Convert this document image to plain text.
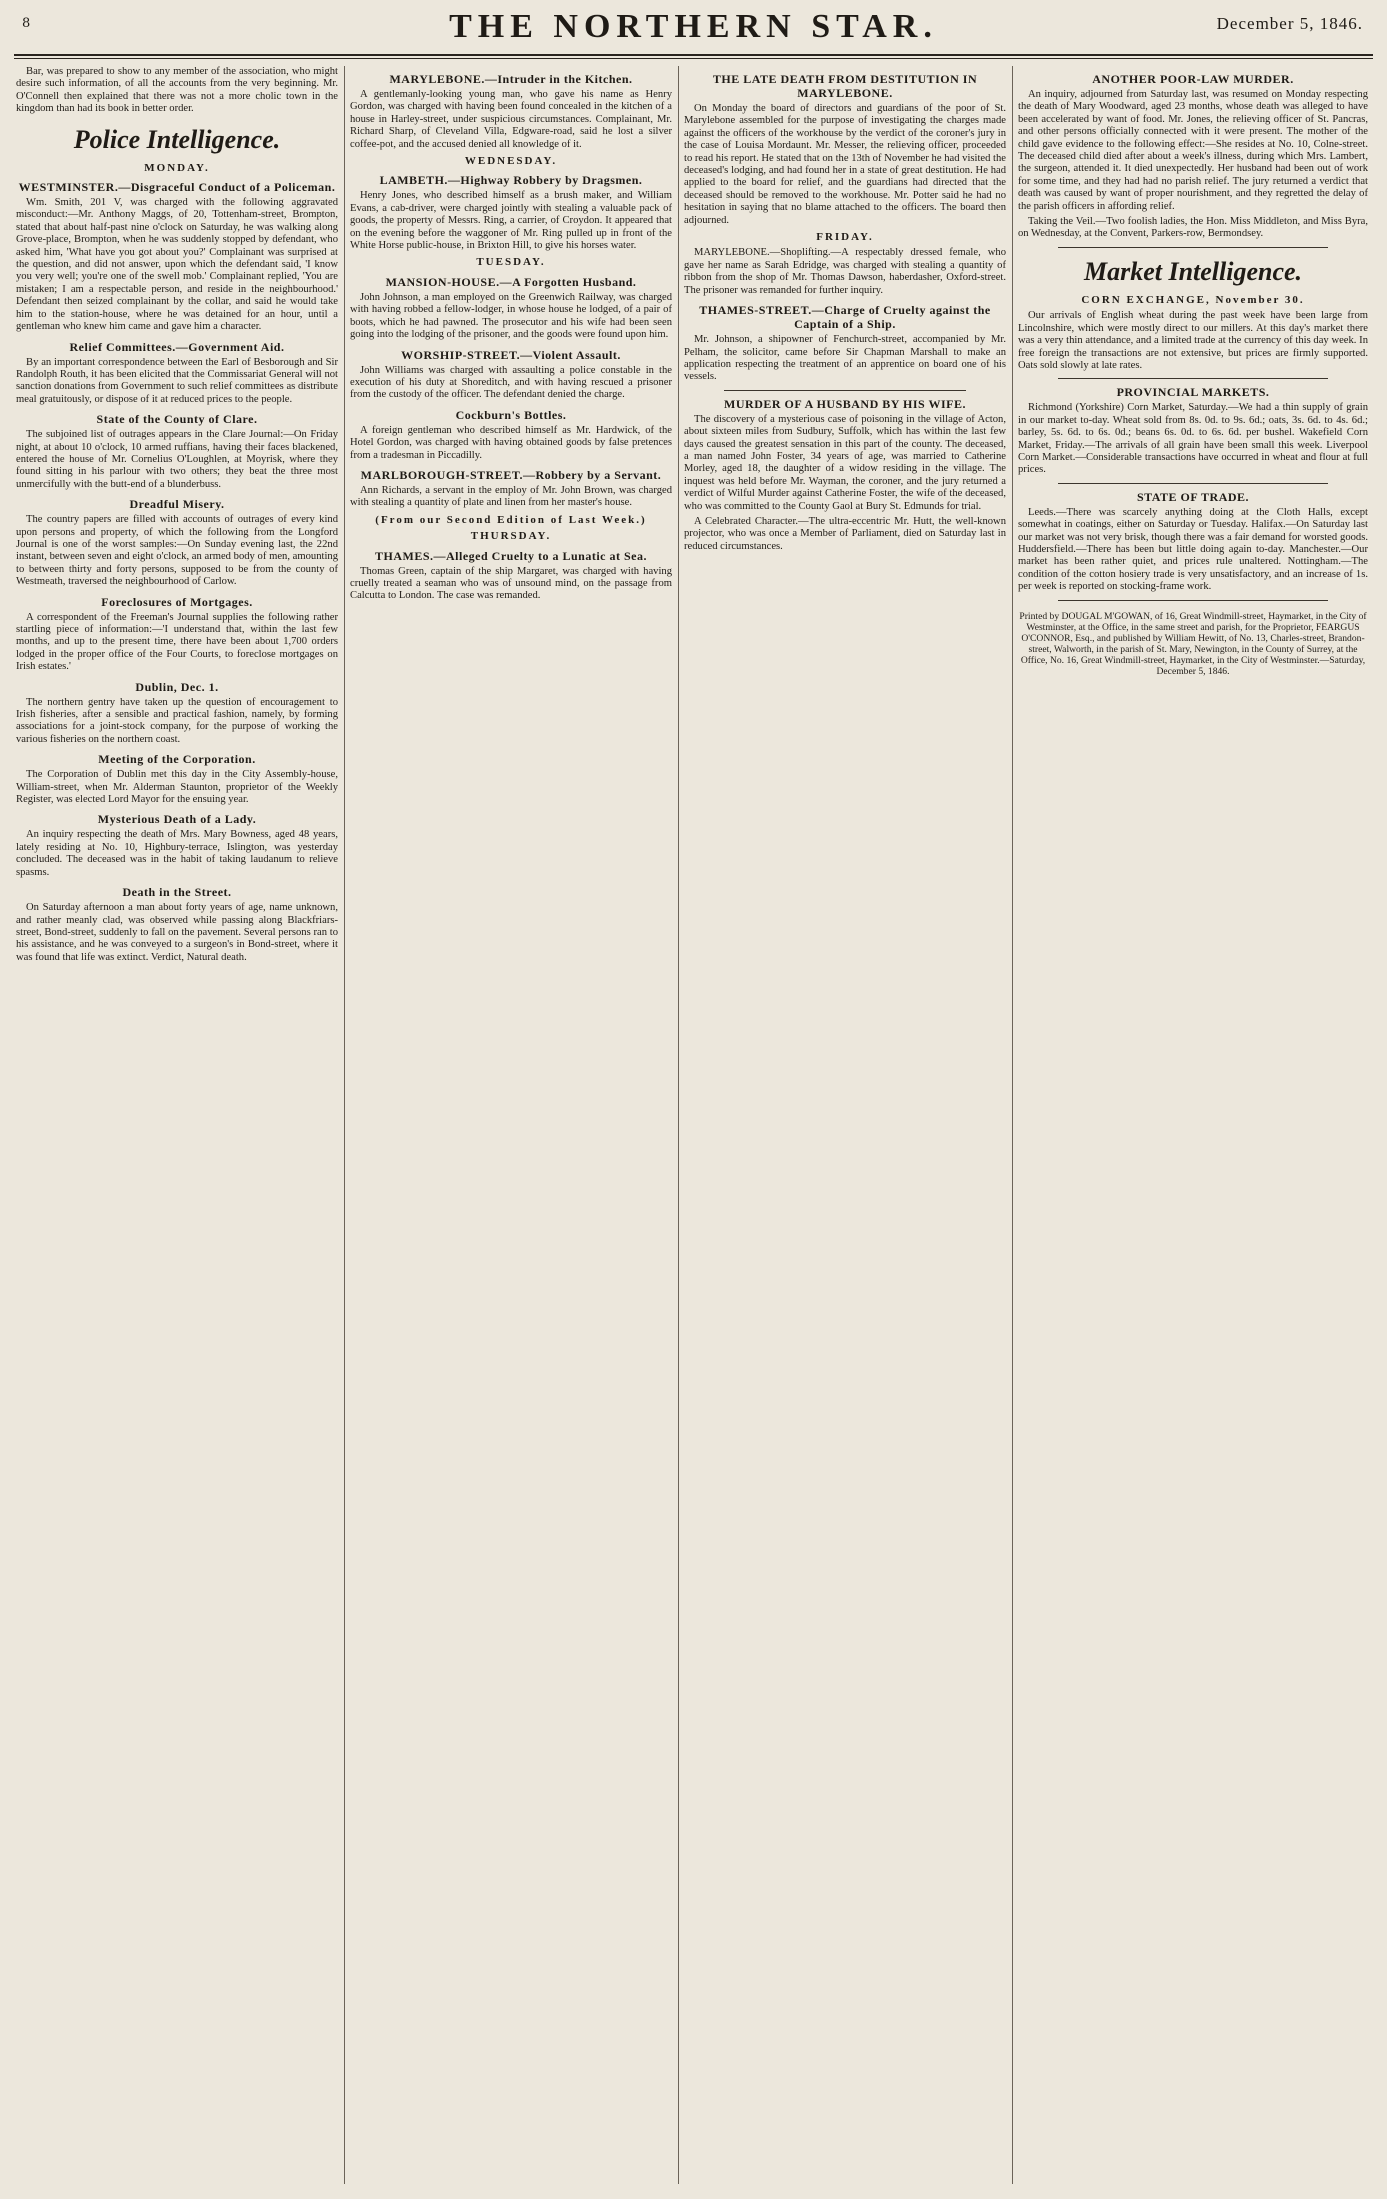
8	THE NORTHERN STAR.	December 5, 1846.

Bar, was prepared to show to any member of the association, who might desire such information, of all the accounts from the very beginning. Mr. O'Connell then explained that there was not a more cholic town in the kingdom than had its book in better order.

Police Intelligence.
MONDAY.
WESTMINSTER.—Disgraceful Conduct of a Policeman.

Wm. Smith, 201 V, was charged with the following aggravated misconduct:—Mr. Anthony Maggs, of 20, Tottenham-street, Brompton, stated that about half-past nine o'clock on Saturday, he was walking along Grove-place, Brompton, when he was suddenly stopped by defendant, who asked him, 'What have you got about you?' Complainant was surprised at the question, and did not answer, upon which the defendant said, 'I know you very well; you're one of the swell mob.' Complainant replied, 'You are mistaken; I am a respectable person, and reside in the neighbourhood.' Defendant then seized complainant by the collar, and said he would take him to the station-house, where he was detained for an hour, until a gentleman who knew him came and gave him a character.

Relief Committees.—Government Aid.

By an important correspondence between the Earl of Besborough and Sir Randolph Routh, it has been elicited that the Commissariat General will not sanction donations from Government to such relief committees as distribute meal gratuitously, or dispose of it at reduced prices to the people.

State of the County of Clare.

The subjoined list of outrages appears in the Clare Journal:—On Friday night, at about 10 o'clock, 10 armed ruffians, having their faces blackened, entered the house of Mr. Cornelius O'Loughlen, at Moyrisk, where they found sitting in his parlour with two others; they beat the three most unmercifully with the butt-end of a blunderbuss.

Dreadful Misery.

The country papers are filled with accounts of outrages of every kind upon persons and property, of which the following from the Longford Journal is one of the worst samples:—On Sunday evening last, the 22nd instant, between seven and eight o'clock, an armed body of men, amounting to between thirty and forty persons, supposed to be from the county of Westmeath, traversed the neighbourhood of Carlow.

Foreclosures of Mortgages.

A correspondent of the Freeman's Journal supplies the following rather startling piece of information:—'I understand that, within the last few months, and up to the present time, there have been about 1,700 orders lodged in the proper office of the Four Courts, to foreclose mortgages on Irish estates.'

Dublin, Dec. 1.

The northern gentry have taken up the question of encouragement to Irish fisheries, after a sensible and practical fashion, namely, by forming associations for a joint-stock company, for the purpose of working the various fisheries on the northern coast.

Meeting of the Corporation.

The Corporation of Dublin met this day in the City Assembly-house, William-street, when Mr. Alderman Staunton, proprietor of the Weekly Register, was elected Lord Mayor for the ensuing year.

Mysterious Death of a Lady.

An inquiry respecting the death of Mrs. Mary Bowness, aged 48 years, lately residing at No. 10, Highbury-terrace, Islington, was yesterday concluded. The deceased was in the habit of taking laudanum to relieve spasms.

Death in the Street.

On Saturday afternoon a man about forty years of age, name unknown, and rather meanly clad, was observed while passing along Blackfriars-street, Bond-street, suddenly to fall on the pavement. Several persons ran to his assistance, and he was conveyed to a surgeon's in Bond-street, where it was found that life was extinct. Verdict, Natural death.

MARYLEBONE.—Intruder in the Kitchen.

A gentlemanly-looking young man, who gave his name as Henry Gordon, was charged with having been found concealed in the kitchen of a house in Harley-street, under suspicious circumstances. Complainant, Mr. Richard Sharp, of Cleveland Villa, Edgware-road, said he lost a silver coffee-pot, and the accused denied all knowledge of it.

WEDNESDAY.
LAMBETH.—Highway Robbery by Dragsmen.

Henry Jones, who described himself as a brush maker, and William Evans, a cab-driver, were charged jointly with stealing a valuable pack of goods, the property of Messrs. Ring, a carrier, of Croydon. It appeared that on the evening before the waggoner of Mr. Ring pulled up in front of the White Horse public-house, in Brixton Hill, to give his horses water.

TUESDAY.
MANSION-HOUSE.—A Forgotten Husband.

John Johnson, a man employed on the Greenwich Railway, was charged with having robbed a fellow-lodger, in whose house he lodged, of a pair of boots, which he had pawned. The prosecutor and his wife had been seen going into the lodging of the prisoner, and the goods were found upon him.

WORSHIP-STREET.—Violent Assault.

John Williams was charged with assaulting a police constable in the execution of his duty at Shoreditch, and with having rescued a prisoner from the custody of the officer. The defendant denied the charge.

Cockburn's Bottles.

A foreign gentleman who described himself as Mr. Hardwick, of the Hotel Gordon, was charged with having obtained goods by false pretences from a tradesman in Piccadilly.

MARLBOROUGH-STREET.—Robbery by a Servant.

Ann Richards, a servant in the employ of Mr. John Brown, was charged with stealing a quantity of plate and linen from her master's house.

(From our Second Edition of Last Week.)
THURSDAY.
THAMES.—Alleged Cruelty to a Lunatic at Sea.

Thomas Green, captain of the ship Margaret, was charged with having cruelly treated a seaman who was of unsound mind, on the passage from Calcutta to London. The case was remanded.

THE LATE DEATH FROM DESTITUTION IN MARYLEBONE.

On Monday the board of directors and guardians of the poor of St. Marylebone assembled for the purpose of investigating the charges made against the officers of the workhouse by the verdict of the coroner's jury in the case of Louisa Mordaunt. Mr. Messer, the relieving officer, proceeded to read his report. He stated that on the 13th of November he had visited the deceased's lodging, and had found her in a state of great destitution. He had applied to the board for relief, and the guardians had directed that the deceased should be removed to the workhouse. Mr. Potter said he had no hesitation in saying that no blame attached to the officers. The board then adjourned.

FRIDAY.

MARYLEBONE.—Shoplifting.—A respectably dressed female, who gave her name as Sarah Edridge, was charged with stealing a quantity of ribbon from the shop of Mr. Thomas Dawson, haberdasher, Oxford-street. The prisoner was remanded for further inquiry.

THAMES-STREET.—Charge of Cruelty against the Captain of a Ship.

Mr. Johnson, a shipowner of Fenchurch-street, accompanied by Mr. Pelham, the solicitor, came before Sir Chapman Marshall to make an application respecting the treatment of an apprentice on board one of his vessels.

MURDER OF A HUSBAND BY HIS WIFE.

The discovery of a mysterious case of poisoning in the village of Acton, about sixteen miles from Sudbury, Suffolk, which has within the last few days caused the greatest sensation in this part of the county. The deceased, a man named John Foster, 34 years of age, was married to Catherine Morley, aged 18, the daughter of a widow residing in the village. The inquest was held before Mr. Wayman, the coroner, and the jury returned a verdict of Wilful Murder against Catherine Foster, the wife of the deceased, who was committed to the County Gaol at Bury St. Edmunds for trial.

A Celebrated Character.—The ultra-eccentric Mr. Hutt, the well-known projector, who was once a Member of Parliament, died on Saturday last in reduced circumstances.

ANOTHER POOR-LAW MURDER.

An inquiry, adjourned from Saturday last, was resumed on Monday respecting the death of Mary Woodward, aged 23 months, whose death was alleged to have been accelerated by want of food. Mr. Jones, the relieving officer of St. Pancras, and other persons officially connected with it were present. The mother of the child gave evidence to the following effect:—She resides at No. 10, Colne-street. The deceased child died after about a week's illness, during which Mrs. Lambert, the surgeon, attended it. It died unexpectedly. Her husband had been out of work for some time, and they had had no parish relief. The jury returned a verdict that death was caused by want of proper nourishment, and they regretted the delay of the parish officers in affording relief.

Taking the Veil.—Two foolish ladies, the Hon. Miss Middleton, and Miss Byra, on Wednesday, at the Convent, Parkers-row, Bermondsey.

Market Intelligence.
CORN EXCHANGE, November 30.

Our arrivals of English wheat during the past week have been large from Lincolnshire, which were mostly direct to our millers. At this day's market there was a very thin attendance, and a limited trade at the currency of this day week. In free foreign the transactions are not extensive, but prices are firmly supported. Oats sold slowly at late rates.

PROVINCIAL MARKETS.

Richmond (Yorkshire) Corn Market, Saturday.—We had a thin supply of grain in our market to-day. Wheat sold from 8s. 0d. to 9s. 6d.; oats, 3s. 6d. to 4s. 6d.; barley, 5s. 6d. to 6s. 0d.; beans 6s. 0d. to 6s. 6d. per bushel. Wakefield Corn Market, Friday.—The arrivals of all grain have been small this week. Liverpool Corn Market.—Considerable transactions have occurred in wheat and flour at full prices.

STATE OF TRADE.

Leeds.—There was scarcely anything doing at the Cloth Halls, except somewhat in coatings, either on Saturday or Tuesday. Halifax.—On Saturday last our market was not very brisk, though there was a fair demand for worsted goods. Huddersfield.—There has been but little doing again to-day. Manchester.—Our market has been rather quiet, and prices rule unaltered. Nottingham.—The condition of the cotton hosiery trade is very unsatisfactory, and an increase of 1s. per week is reported on stocking-frame work.

Printed by DOUGAL M'GOWAN, of 16, Great Windmill-street, Haymarket, in the City of Westminster, at the Office, in the same street and parish, for the Proprietor, FEARGUS O'CONNOR, Esq., and published by William Hewitt, of No. 13, Charles-street, Brandon-street, Walworth, in the parish of St. Mary, Newington, in the County of Surrey, at the Office, No. 16, Great Windmill-street, Haymarket, in the City of Westminster.—Saturday, December 5, 1846.
